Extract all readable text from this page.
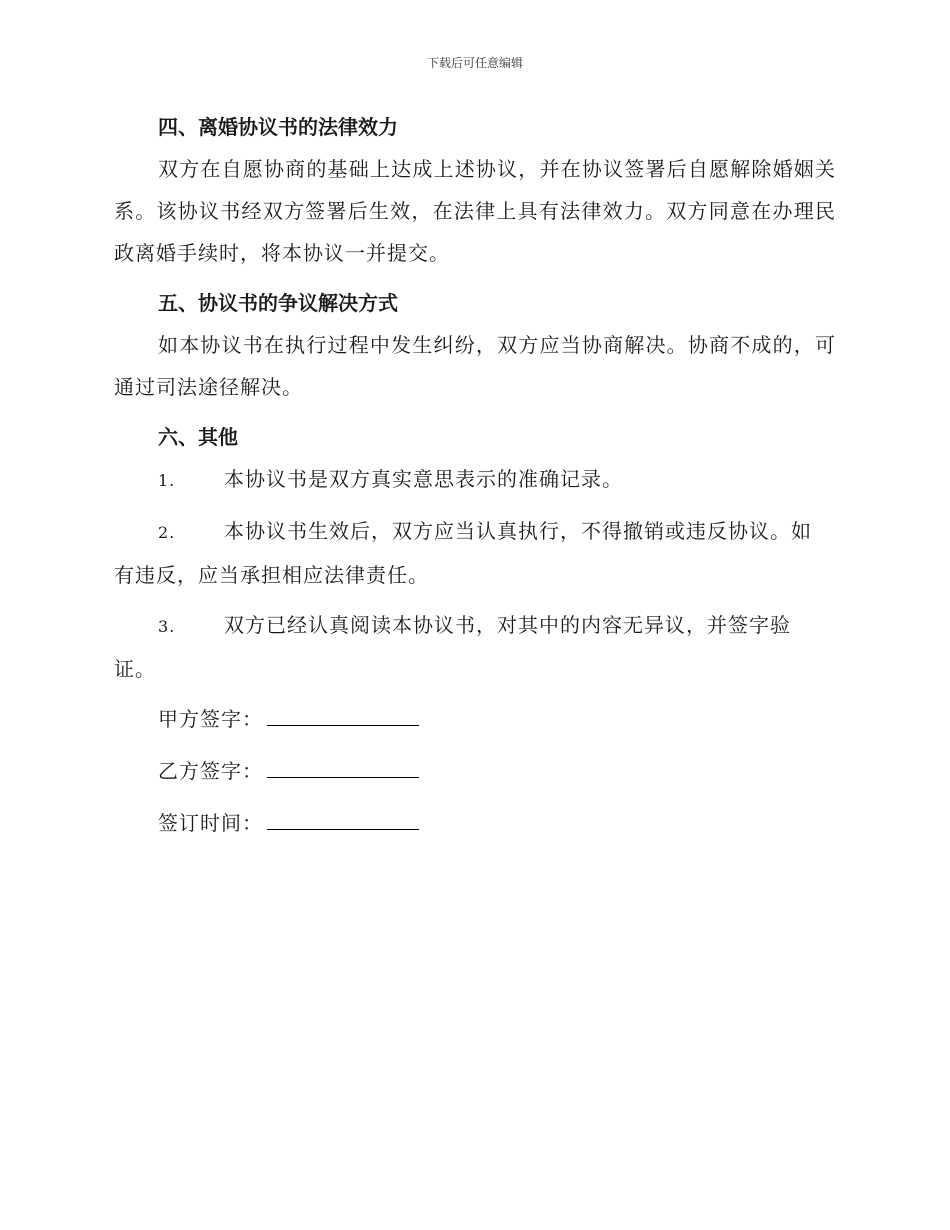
下载后可任意编辑

四、离婚协议书的法律效力

双方在自愿协商的基础上达成上述协议，并在协议签署后自愿解除婚姻关系。该协议书经双方签署后生效，在法律上具有法律效力。双方同意在办理民政离婚手续时，将本协议一并提交。

五、协议书的争议解决方式

如本协议书在执行过程中发生纠纷，双方应当协商解决。协商不成的，可通过司法途径解决。

六、其他

1. 本协议书是双方真实意思表示的准确记录。
2. 本协议书生效后，双方应当认真执行，不得撤销或违反协议。如
有违反，应当承担相应法律责任。
3. 双方已经认真阅读本协议书，对其中的内容无异议，并签字验
证。
甲方签字：
乙方签字：
签订时间：
